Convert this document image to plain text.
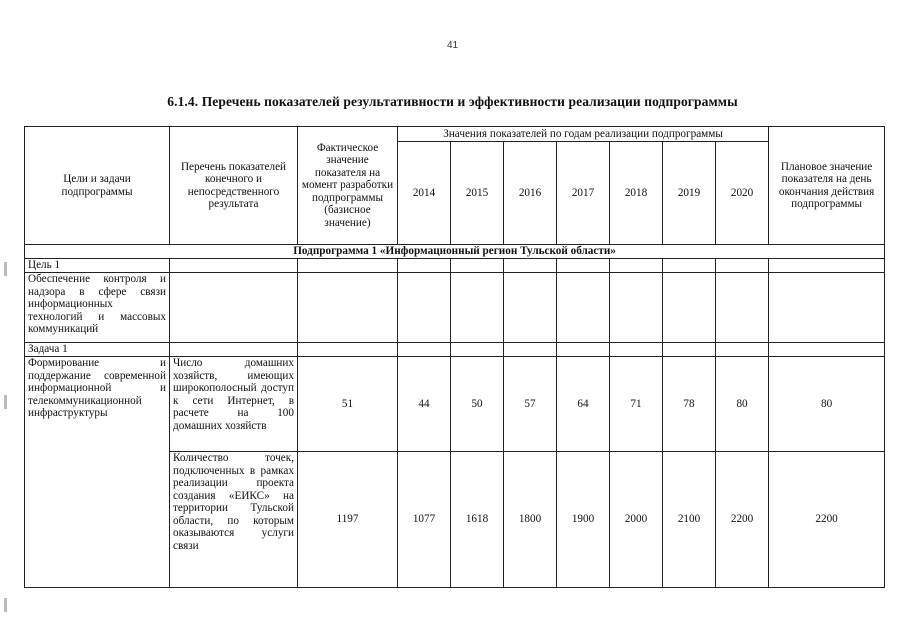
41
6.1.4. Перечень показателей результативности и эффективности реализации подпрограммы
Цели и задачи подпрограммы	Перечень показателей конечного и непосредственного результата	Фактическое значение показателя на момент разработки подпрограммы (базисное значение)	Значения показателей по годам реализации подпрограммы							Плановое значение показателя на день окончания действия подпрограммы
			2014	2015	2016	2017	2018	2019	2020	
Подпрограмма 1 «Информационный регион Тульской области»										
Цель 1										
Обеспечение контроля и надзора в сфере связи информационных технологий и массовых коммуникаций										
Задача 1										
Формирование и поддержание современной информационной и телекоммуникационной инфраструктуры	Число домашних хозяйств, имеющих широкополосный доступ к сети Интернет, в расчете на 100 домашних хозяйств	51	44	50	57	64	71	78	80	80
	Количество точек, подключенных в рамках реализации проекта создания «ЕИКС» на территории Тульской области, по которым оказываются услуги связи	1197	1077	1618	1800	1900	2000	2100	2200	2200
